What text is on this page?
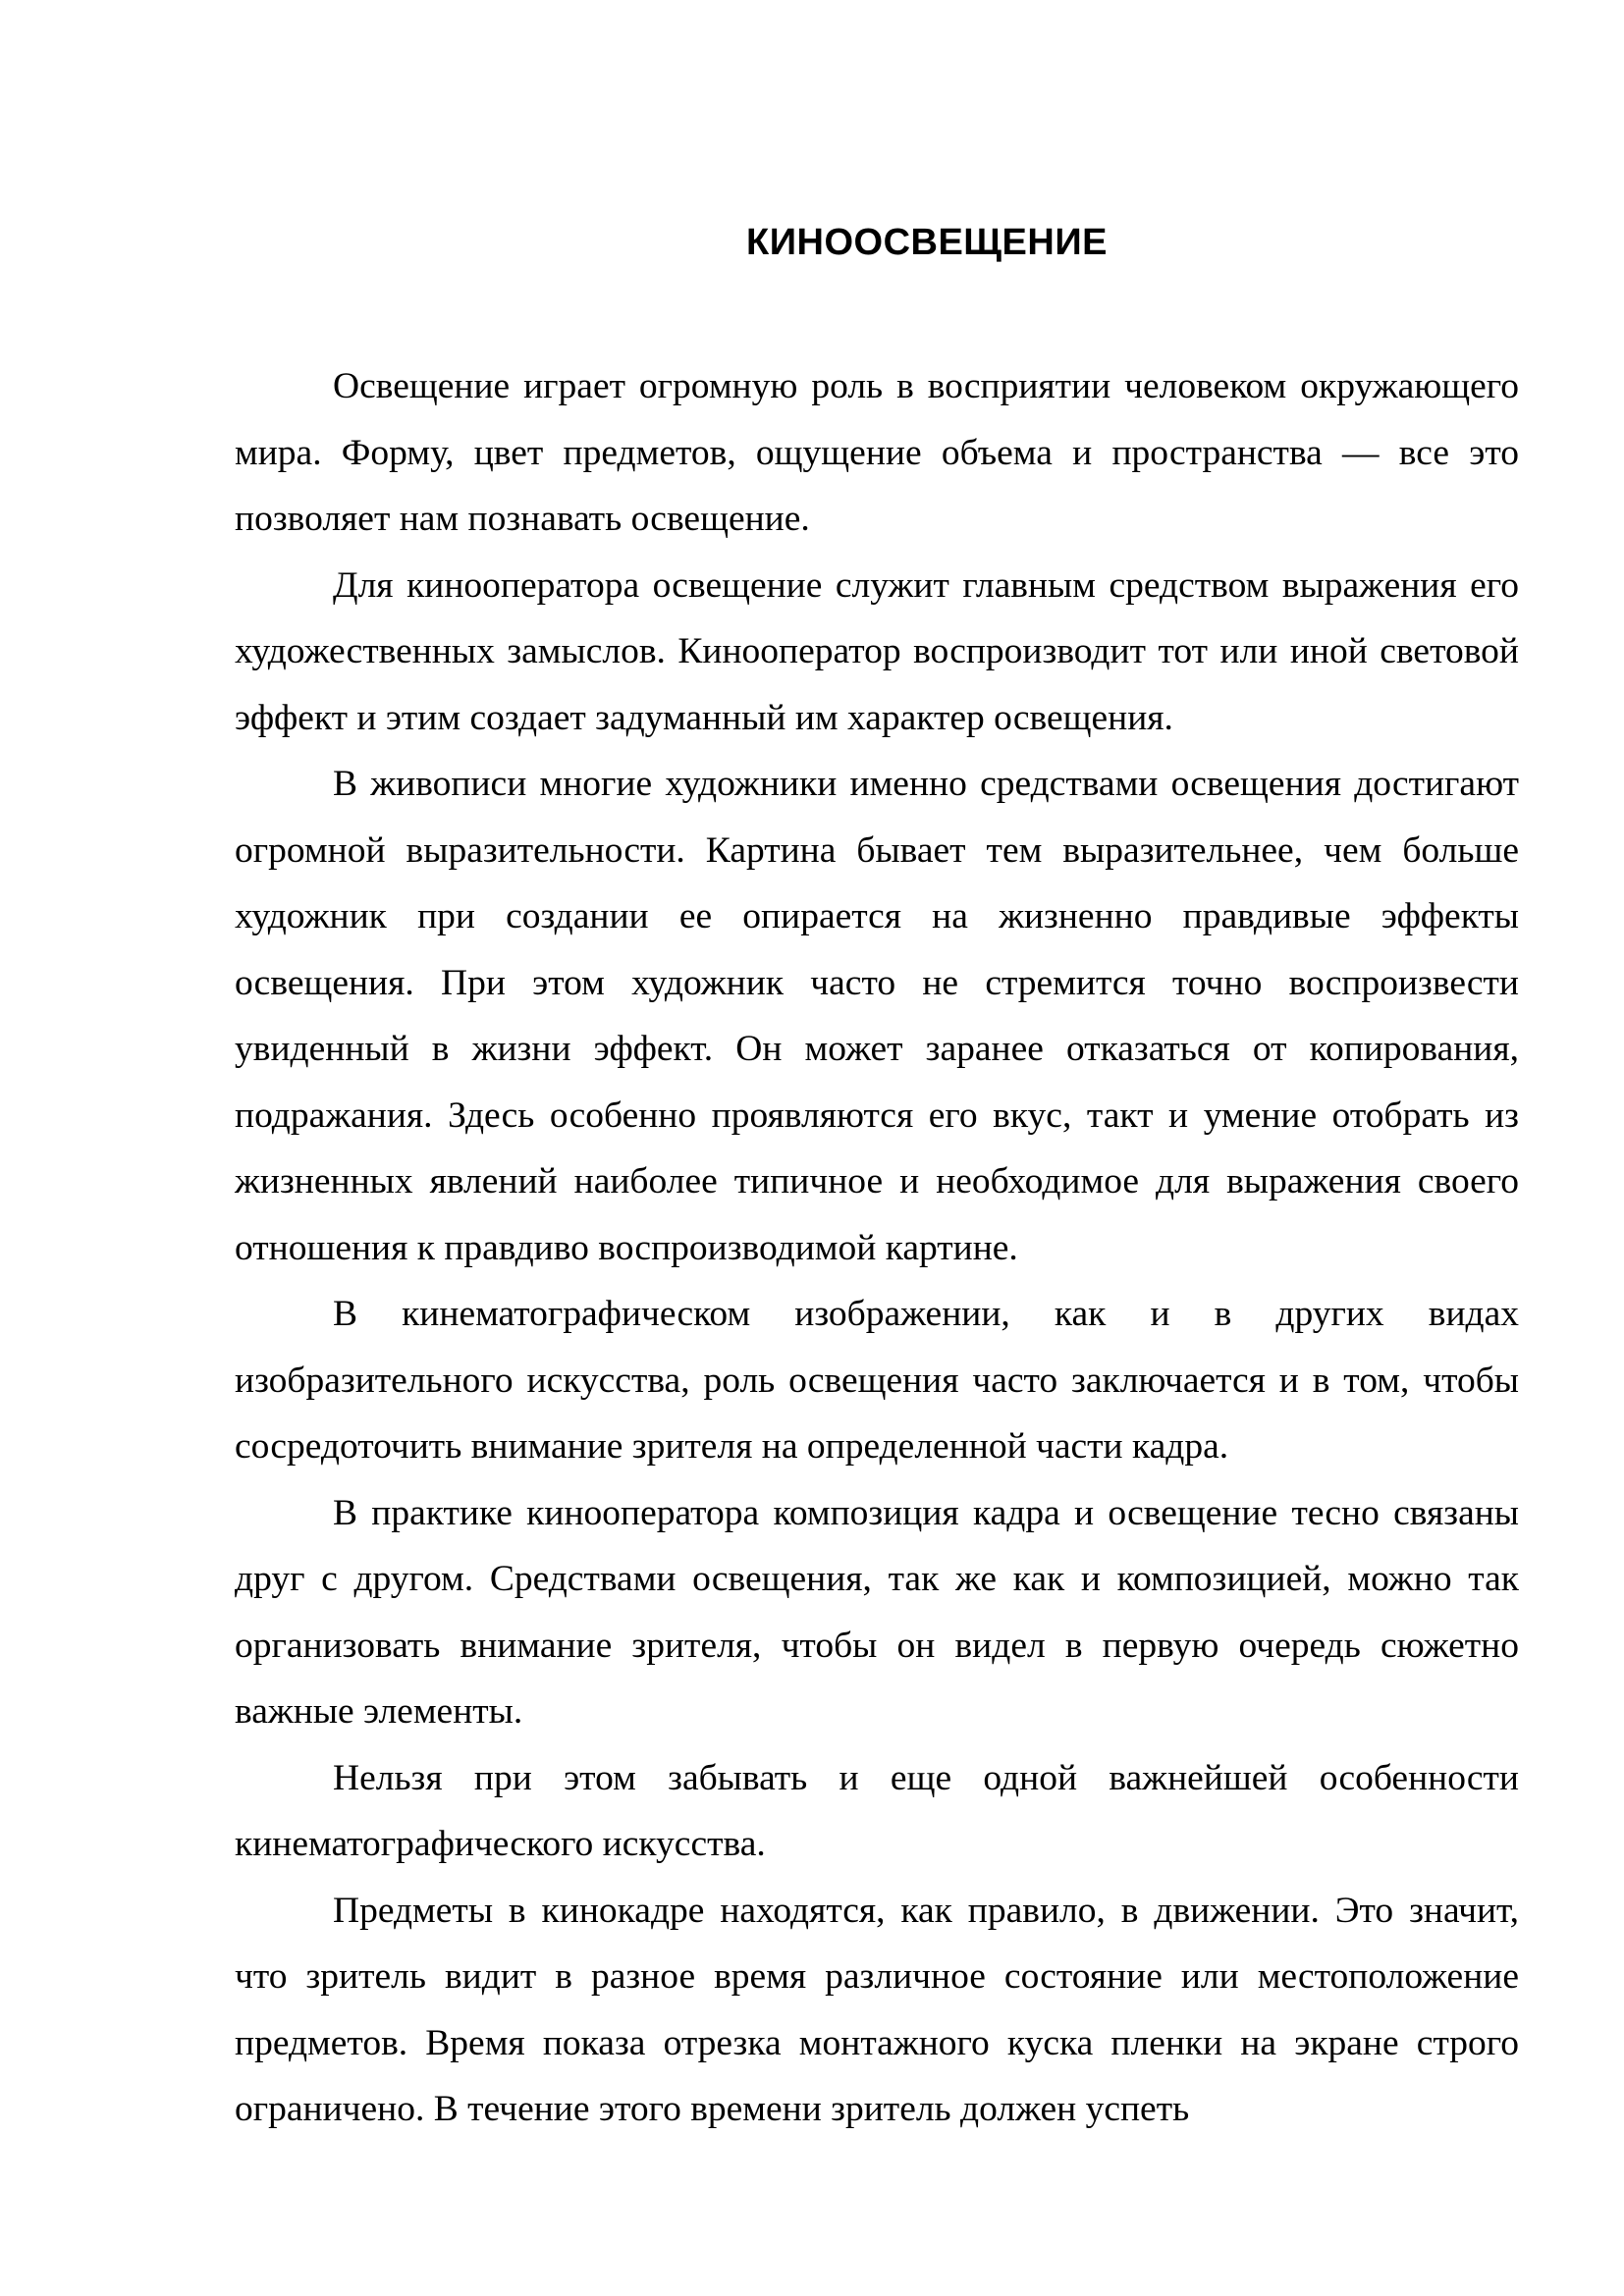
КИНООСВЕЩЕНИЕ

Освещение играет огромную роль в восприятии человеком окружающего мира. Форму, цвет предметов, ощущение объема и пространства — все это позволяет нам познавать освещение.

Для кинооператора освещение служит главным средством выражения его художественных замыслов. Кинооператор воспроизводит тот или иной световой эффект и этим создает задуманный им характер освещения.

В живописи многие художники именно средствами освещения достигают огромной выразительности. Картина бывает тем выразительнее, чем больше художник при создании ее опирается на жизненно правдивые эффекты освещения. При этом художник часто не стремится точно воспроизвести увиденный в жизни эффект. Он может заранее отказаться от копирования, подражания. Здесь особенно проявляются его вкус, такт и умение отобрать из жизненных явлений наиболее типичное и необходимое для выражения своего отношения к правдиво воспроизводимой картине.

В кинематографическом изображении, как и в других видах изобразительного искусства, роль освещения часто заключается и в том, чтобы сосредоточить внимание зрителя на определенной части кадра.

В практике кинооператора композиция кадра и освещение тесно связаны друг с другом. Средствами освещения, так же как и композицией, можно так организовать внимание зрителя, чтобы он видел в первую очередь сюжетно важные элементы.

Нельзя при этом забывать и еще одной важнейшей особенности кинематографического искусства.

Предметы в кинокадре находятся, как правило, в движении. Это значит, что зритель видит в разное время различное состояние или местоположение предметов. Время показа отрезка монтажного куска пленки на экране строго ограничено. В течение этого времени зритель должен успеть
